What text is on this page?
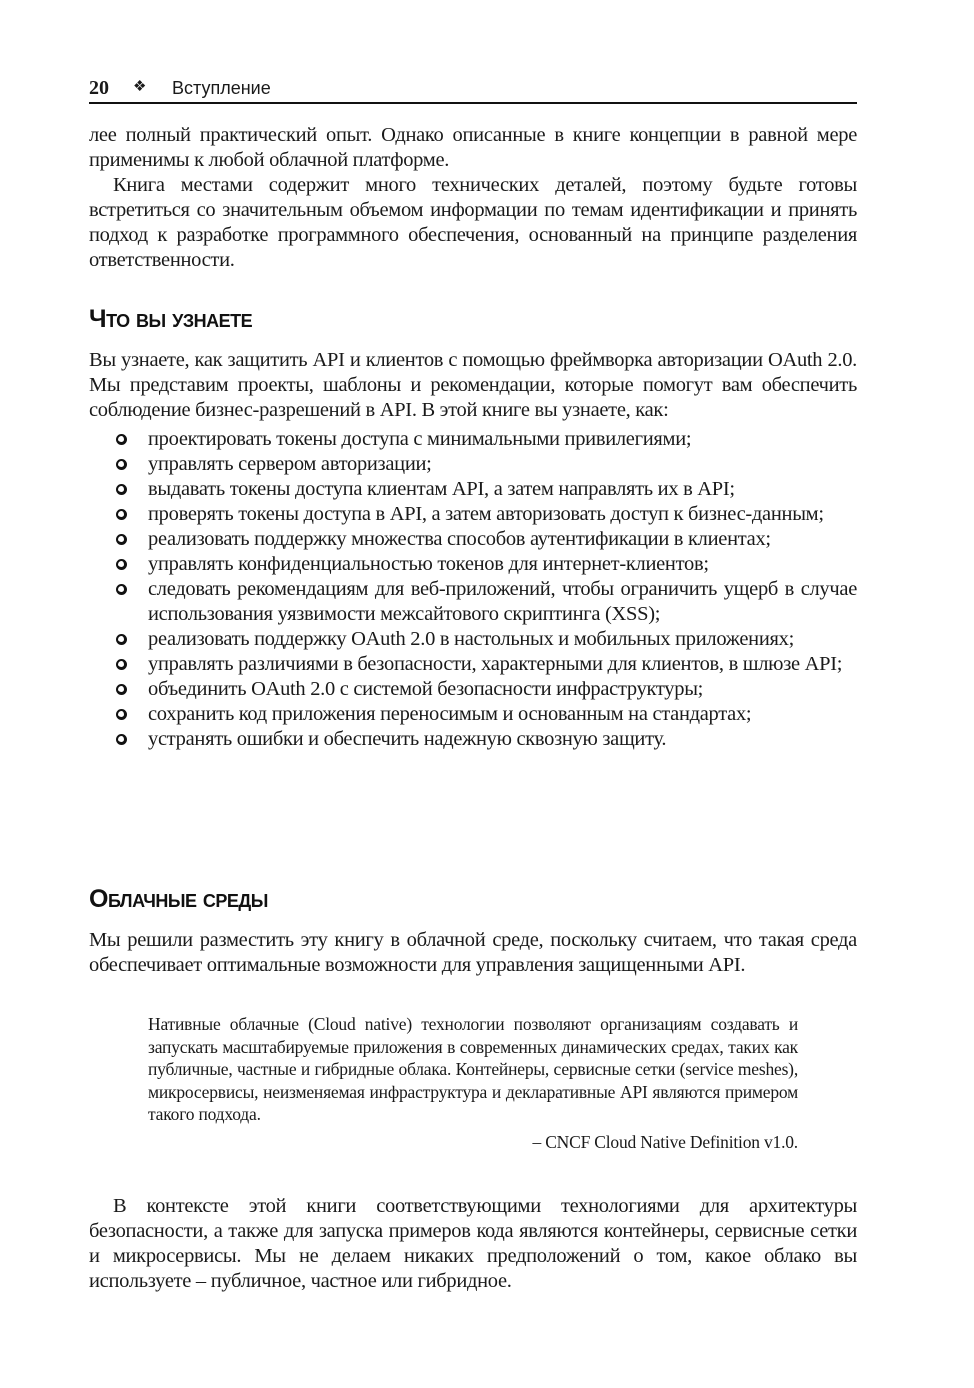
20 ❖ Вступление

лее полный практический опыт. Однако описанные в книге концепции в равной мере применимы к любой облачной платформе.

Книга местами содержит много технических деталей, поэтому будьте готовы встретиться со значительным объемом информации по темам идентификации и принять подход к разработке программного обеспечения, основанный на принципе разделения ответственности.

Что вы узнаете

Вы узнаете, как защитить API и клиентов с помощью фреймворка авторизации OAuth 2.0. Мы представим проекты, шаблоны и рекомендации, которые помогут вам обеспечить соблюдение бизнес-разрешений в API. В этой книге вы узнаете, как:

проектировать токены доступа с минимальными привилегиями;
управлять сервером авторизации;
выдавать токены доступа клиентам API, а затем направлять их в API;
проверять токены доступа в API, а затем авторизовать доступ к бизнес-данным;
реализовать поддержку множества способов аутентификации в клиентах;
управлять конфиденциальностью токенов для интернет-клиентов;
следовать рекомендациям для веб-приложений, чтобы ограничить ущерб в случае использования уязвимости межсайтового скриптинга (XSS);
реализовать поддержку OAuth 2.0 в настольных и мобильных приложениях;
управлять различиями в безопасности, характерными для клиентов, в шлюзе API;
объединить OAuth 2.0 с системой безопасности инфраструктуры;
сохранить код приложения переносимым и основанным на стандартах;
устранять ошибки и обеспечить надежную сквозную защиту.
Облачные среды

Мы решили разместить эту книгу в облачной среде, поскольку считаем, что такая среда обеспечивает оптимальные возможности для управления защищенными API.

Нативные облачные (Cloud native) технологии позволяют организациям создавать и запускать масштабируемые приложения в современных динамических средах, таких как публичные, частные и гибридные облака. Контейнеры, сервисные сетки (service meshes), микросервисы, неизменяемая инфраструктура и декларативные API являются примером такого подхода.

– CNCF Cloud Native Definition v1.0.

В контексте этой книги соответствующими технологиями для архитектуры безопасности, а также для запуска примеров кода являются контейнеры, сервисные сетки и микросервисы. Мы не делаем никаких предположений о том, какое облако вы используете – публичное, частное или гибридное.
